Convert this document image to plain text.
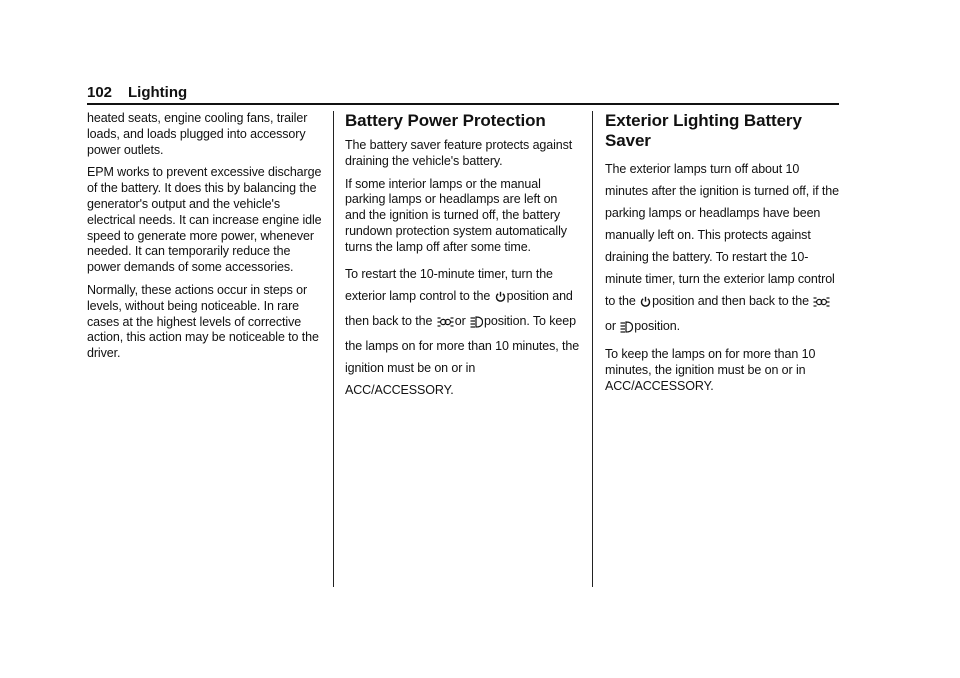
102 Lighting

heated seats, engine cooling fans, trailer loads, and loads plugged into accessory power outlets.

EPM works to prevent excessive discharge of the battery. It does this by balancing the generator's output and the vehicle's electrical needs. It can increase engine idle speed to generate more power, whenever needed. It can temporarily reduce the power demands of some accessories.

Normally, these actions occur in steps or levels, without being noticeable. In rare cases at the highest levels of corrective action, this action may be noticeable to the driver.

Battery Power Protection

The battery saver feature protects against draining the vehicle's battery.

If some interior lamps or the manual parking lamps or headlamps are left on and the ignition is turned off, the battery rundown protection system automatically turns the lamp off after some time.

To restart the 10-minute timer, turn the exterior lamp control to the position and then back to the or position. To keep the lamps on for more than 10 minutes, the ignition must be on or in ACC/ACCESSORY.

Exterior Lighting Battery Saver

The exterior lamps turn off about 10 minutes after the ignition is turned off, if the parking lamps or headlamps have been manually left on. This protects against draining the battery. To restart the 10-minute timer, turn the exterior lamp control to the position and then back to the or position.

To keep the lamps on for more than 10 minutes, the ignition must be on or in ACC/ACCESSORY.
